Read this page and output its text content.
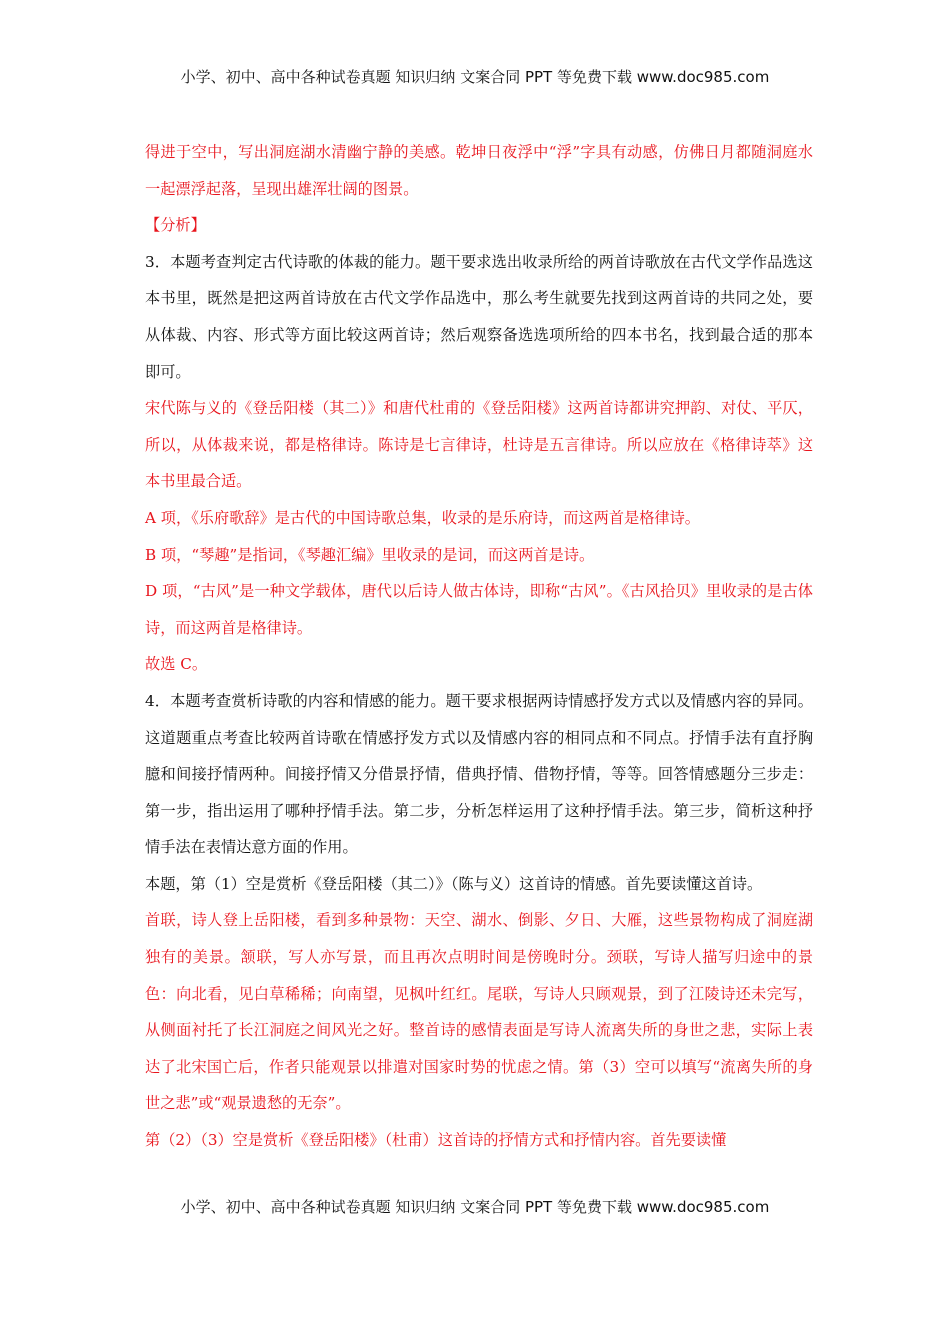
小学、初中、高中各种试卷真题 知识归纳 文案合同 PPT 等免费下载 www.doc985.com

得进于空中，写出洞庭湖水清幽宁静的美感。乾坤日夜浮中“浮”字具有动感，仿佛日月都随洞庭水一起漂浮起落，呈现出雄浑壮阔的图景。

【分析】

3．本题考查判定古代诗歌的体裁的能力。题干要求选出收录所给的两首诗歌放在古代文学作品选这本书里，既然是把这两首诗放在古代文学作品选中，那么考生就要先找到这两首诗的共同之处，要从体裁、内容、形式等方面比较这两首诗；然后观察备选选项所给的四本书名，找到最合适的那本即可。

宋代陈与义的《登岳阳楼（其二）》和唐代杜甫的《登岳阳楼》这两首诗都讲究押韵、对仗、平仄，所以，从体裁来说，都是格律诗。陈诗是七言律诗，杜诗是五言律诗。所以应放在《格律诗萃》这本书里最合适。

A 项，《乐府歌辞》是古代的中国诗歌总集，收录的是乐府诗，而这两首是格律诗。

B 项，“琴趣”是指词，《琴趣汇编》里收录的是词，而这两首是诗。

D 项，“古风”是一种文学载体，唐代以后诗人做古体诗，即称“古风”。《古风拾贝》里收录的是古体诗，而这两首是格律诗。

故选 C。

4．本题考查赏析诗歌的内容和情感的能力。题干要求根据两诗情感抒发方式以及情感内容的异同。这道题重点考查比较两首诗歌在情感抒发方式以及情感内容的相同点和不同点。抒情手法有直抒胸臆和间接抒情两种。间接抒情又分借景抒情，借典抒情、借物抒情，等等。回答情感题分三步走：第一步，指出运用了哪种抒情手法。第二步，分析怎样运用了这种抒情手法。第三步，简析这种抒情手法在表情达意方面的作用。

本题，第（1）空是赏析《登岳阳楼（其二）》（陈与义）这首诗的情感。首先要读懂这首诗。

首联，诗人登上岳阳楼，看到多种景物：天空、湖水、倒影、夕日、大雁，这些景物构成了洞庭湖独有的美景。颔联，写人亦写景，而且再次点明时间是傍晚时分。颈联，写诗人描写归途中的景色：向北看，见白草稀稀；向南望，见枫叶红红。尾联，写诗人只顾观景，到了江陵诗还未完写，从侧面衬托了长江洞庭之间风光之好。整首诗的感情表面是写诗人流离失所的身世之悲，实际上表达了北宋国亡后，作者只能观景以排遣对国家时势的忧虑之情。第（3）空可以填写“流离失所的身世之悲”或“观景遗愁的无奈”。

第（2）（3）空是赏析《登岳阳楼》（杜甫）这首诗的抒情方式和抒情内容。首先要读懂

小学、初中、高中各种试卷真题 知识归纳 文案合同 PPT 等免费下载 www.doc985.com
